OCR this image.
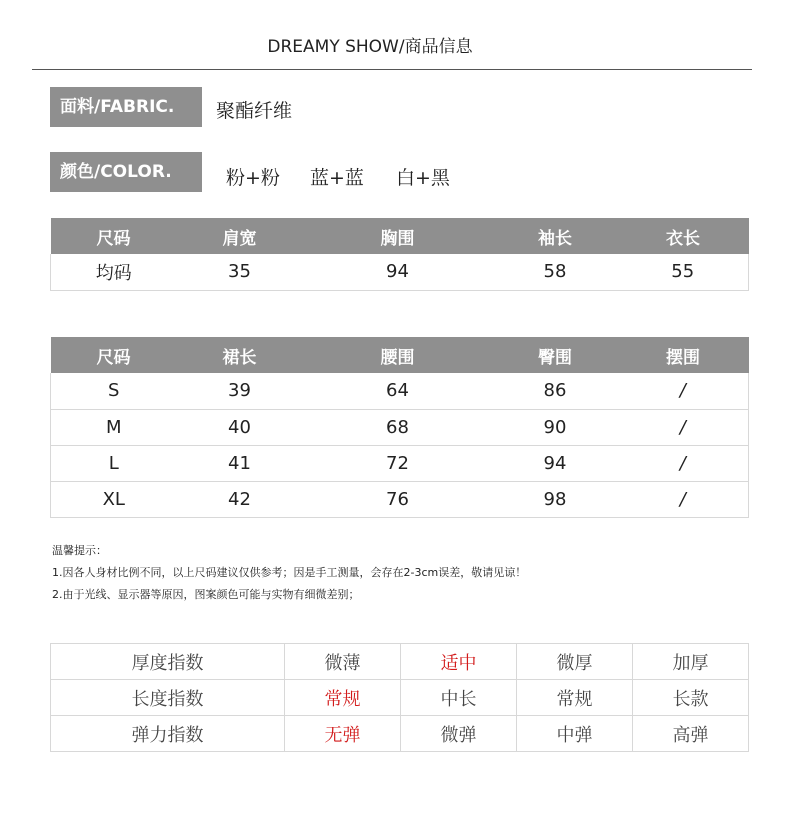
DREAMY SHOW/商品信息
面料/FABRIC.	聚酯纤维
颜色/COLOR.	粉+粉 蓝+蓝 白+黑
尺码	肩宽	胸围	袖长	衣长
均码	35	94	58	55
尺码	裙长	腰围	臀围	摆围
S	39	64	86	/
M	40	68	90	/
L	41	72	94	/
XL	42	76	98	/
温馨提示：
1.因各人身材比例不同，以上尺码建议仅供参考；因是手工测量，会存在2-3cm误差，敬请见谅！
2.由于光线、显示器等原因，图案颜色可能与实物有细微差别；
厚度指数	微薄	适中	微厚	加厚
长度指数	常规	中长	常规	长款
弹力指数	无弹	微弹	中弹	高弹
